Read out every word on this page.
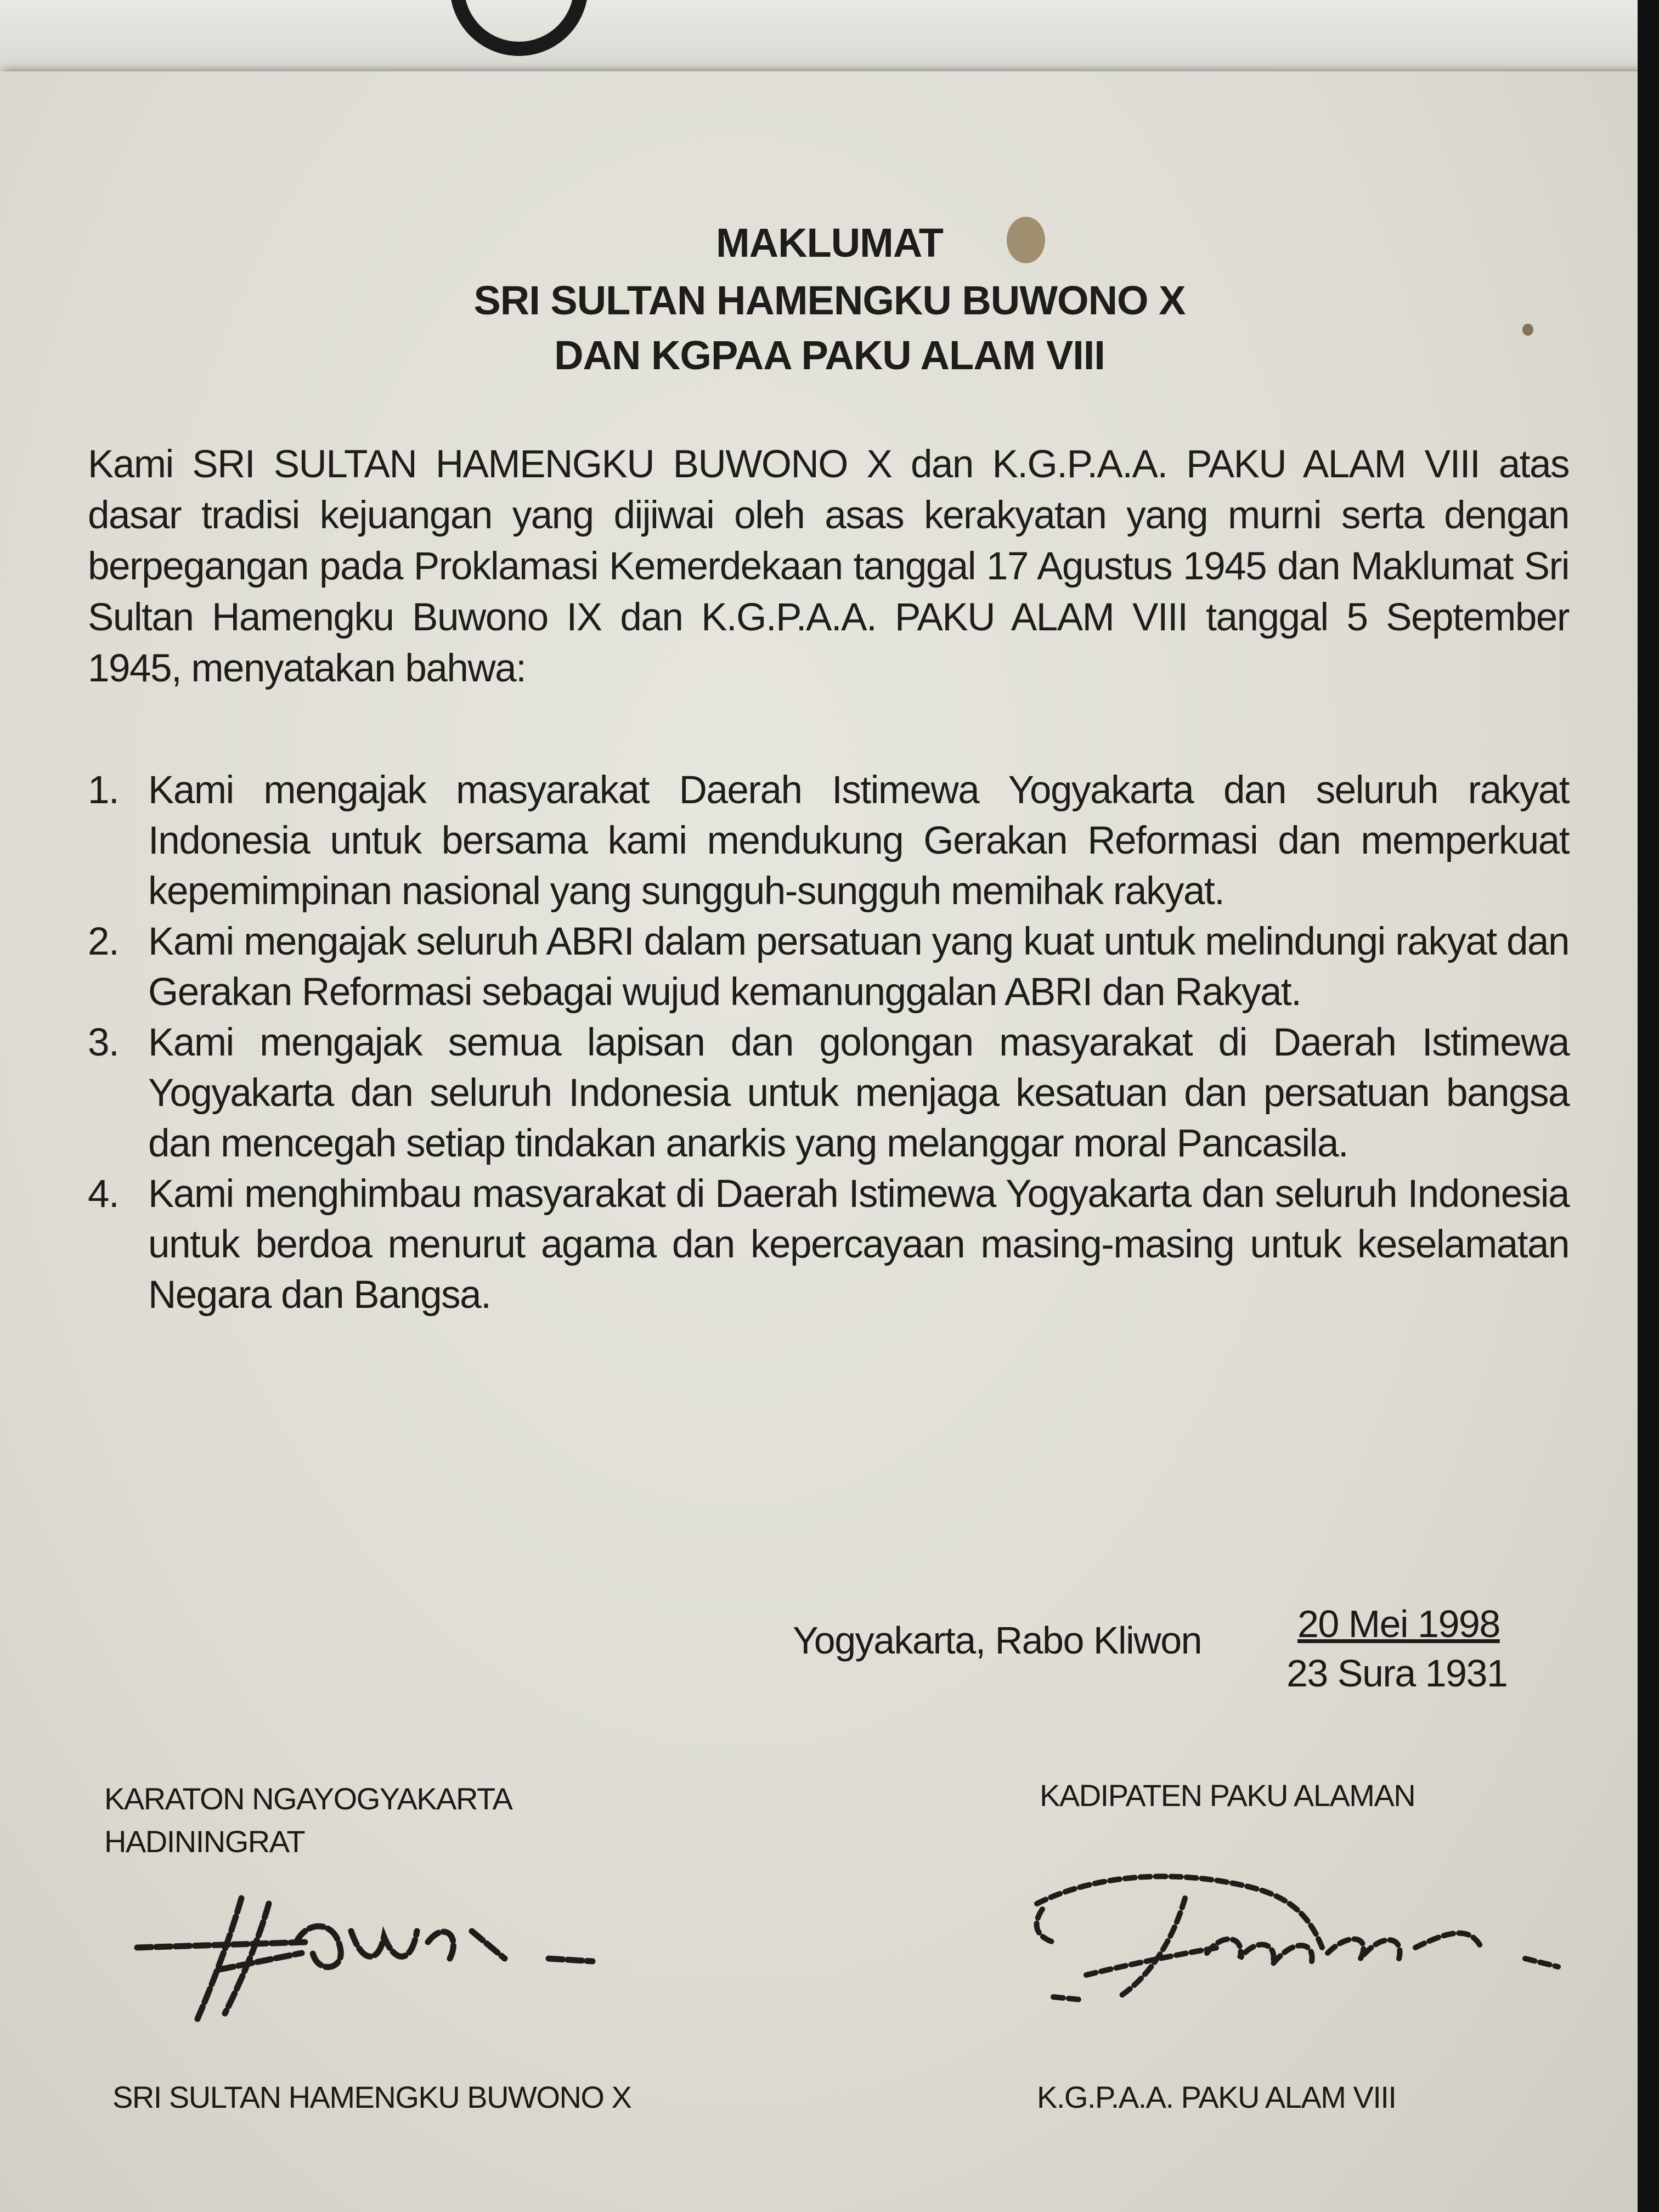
MAKLUMAT
SRI SULTAN HAMENGKU BUWONO X
DAN KGPAA PAKU ALAM VIII
Kami SRI SULTAN HAMENGKU BUWONO X dan K.G.P.A.A. PAKU ALAM VIII atas dasar tradisi kejuangan yang dijiwai oleh asas kerakyatan yang murni serta dengan berpegangan pada Proklamasi Kemerdekaan tanggal 17 Agustus 1945 dan Maklumat Sri Sultan Hamengku Buwono IX dan K.G.P.A.A. PAKU ALAM VIII tanggal 5 September 1945, menyatakan bahwa:
1. Kami mengajak masyarakat Daerah Istimewa Yogyakarta dan seluruh rakyat Indonesia untuk bersama kami mendukung Gerakan Reformasi dan memperkuat kepemimpinan nasional yang sungguh-sungguh memihak rakyat.
2. Kami mengajak seluruh ABRI dalam persatuan yang kuat untuk melindungi rakyat dan Gerakan Reformasi sebagai wujud kemanunggalan ABRI dan Rakyat.
3. Kami mengajak semua lapisan dan golongan masyarakat di Daerah Istimewa Yogyakarta dan seluruh Indonesia untuk menjaga kesatuan dan persatuan bangsa dan mencegah setiap tindakan anarkis yang melanggar moral Pancasila.
4. Kami menghimbau masyarakat di Daerah Istimewa Yogyakarta dan seluruh Indonesia untuk berdoa menurut agama dan kepercayaan masing-masing untuk keselamatan Negara dan Bangsa.
Yogyakarta, Rabo Kliwon 20 Mei 1998
23 Sura 1931
KARATON NGAYOGYAKARTA
HADININGRAT
KADIPATEN PAKU ALAMAN
SRI SULTAN HAMENGKU BUWONO X	K.G.P.A.A. PAKU ALAM VIII
